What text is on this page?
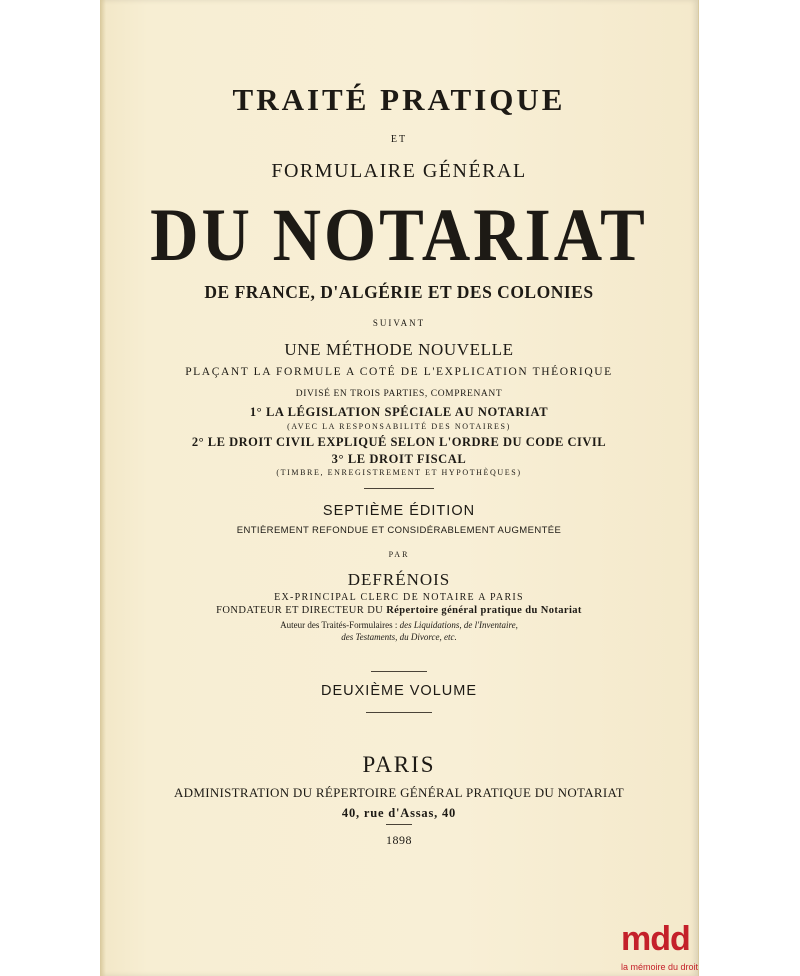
TRAITÉ PRATIQUE
ET
FORMULAIRE GÉNÉRAL
DU NOTARIAT
DE FRANCE, D'ALGÉRIE ET DES COLONIES
SUIVANT
UNE MÉTHODE NOUVELLE
PLAÇANT LA FORMULE A COTÉ DE L'EXPLICATION THÉORIQUE
DIVISÉ EN TROIS PARTIES, COMPRENANT
1° LA LÉGISLATION SPÉCIALE AU NOTARIAT
(AVEC LA RESPONSABILITÉ DES NOTAIRES)
2° LE DROIT CIVIL EXPLIQUÉ SELON L'ORDRE DU CODE CIVIL
3° LE DROIT FISCAL
(TIMBRE, ENREGISTREMENT ET HYPOTHÈQUES)
SEPTIÈME ÉDITION
ENTIÈREMENT REFONDUE ET CONSIDÉRABLEMENT AUGMENTÉE
PAR
DEFRÉNOIS
EX-PRINCIPAL CLERC DE NOTAIRE A PARIS
FONDATEUR ET DIRECTEUR DU Répertoire général pratique du Notariat
Auteur des Traités-Formulaires : des Liquidations, de l'Inventaire,
des Testaments, du Divorce, etc.
DEUXIÈME VOLUME
PARIS
ADMINISTRATION DU RÉPERTOIRE GÉNÉRAL PRATIQUE DU NOTARIAT
40, rue d'Assas, 40
1898
mdd
la mémoire du droit
